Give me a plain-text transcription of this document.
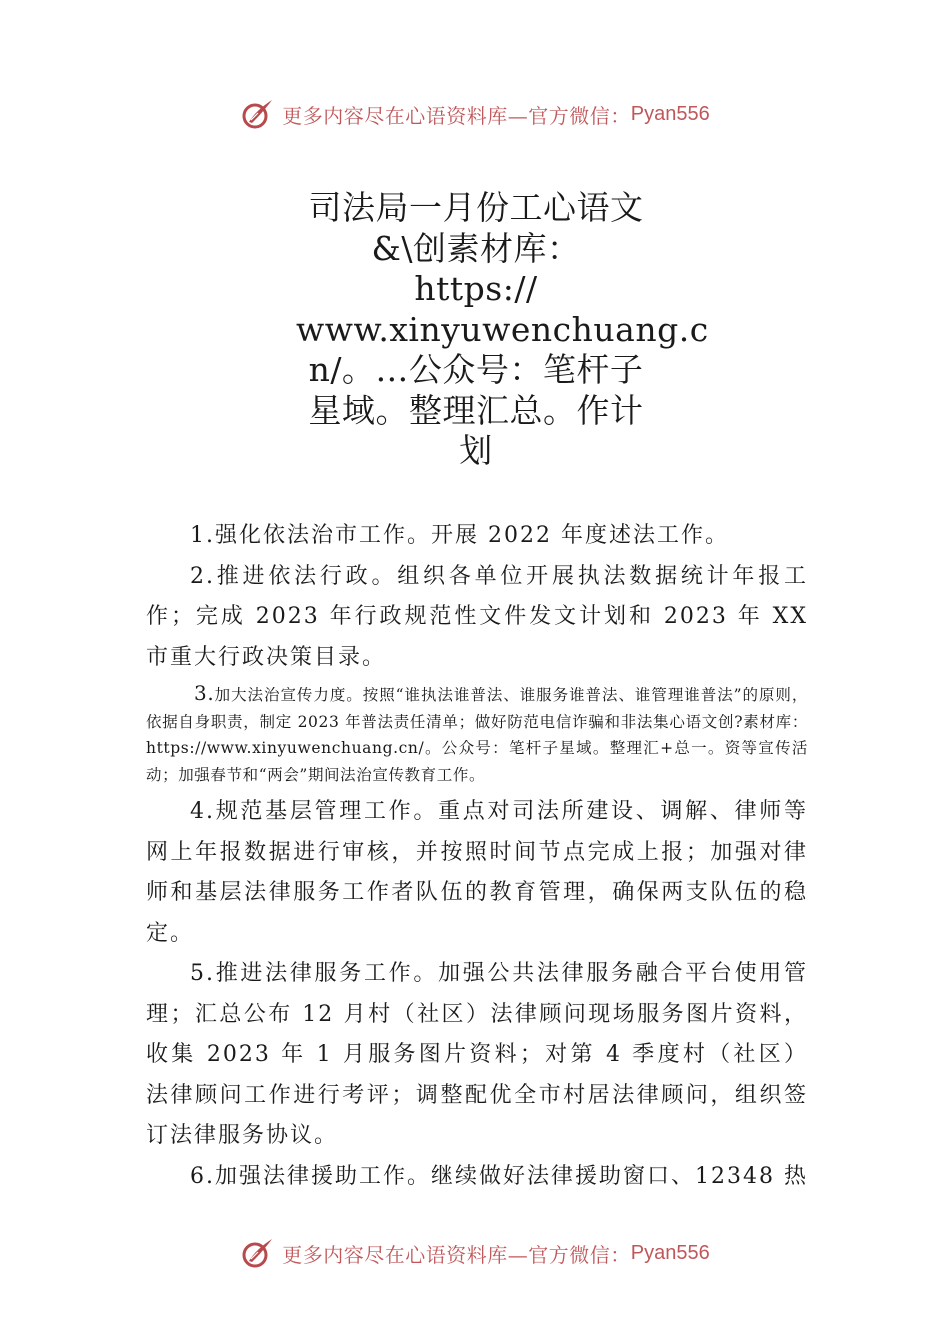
更多内容尽在心语资料库—官方微信： Pyan556
司法局一月份工心语文
&\创素材库：
https://
www.xinyuwenchuang.c
n/。…公众号：笔杆子
星域。整理汇总。作计
划

1.强化依法治市工作。开展 2022 年度述法工作。

2.推进依法行政。组织各单位开展执法数据统计年报工作；完成 2023 年行政规范性文件发文计划和 2023 年 XX 市重大行政决策目录。

3.加大法治宣传力度。按照“谁执法谁普法、谁服务谁普法、谁管理谁普法”的原则，依据自身职责，制定 2023 年普法责任清单；做好防范电信诈骗和非法集心语文创?素材库：https://www.xinyuwenchuang.cn/。公众号：笔杆子星域。整理汇+总一。资等宣传活动；加强春节和“两会”期间法治宣传教育工作。

4.规范基层管理工作。重点对司法所建设、调解、律师等网上年报数据进行审核，并按照时间节点完成上报；加强对律师和基层法律服务工作者队伍的教育管理，确保两支队伍的稳定。

5.推进法律服务工作。加强公共法律服务融合平台使用管理；汇总公布 12 月村（社区）法律顾问现场服务图片资料，收集 2023 年 1 月服务图片资料；对第 4 季度村（社区） 法律顾问工作进行考评；调整配优全市村居法律顾问，组织签订法律服务协议。

6.加强法律援助工作。继续做好法律援助窗口、12348 热

更多内容尽在心语资料库—官方微信： Pyan556
